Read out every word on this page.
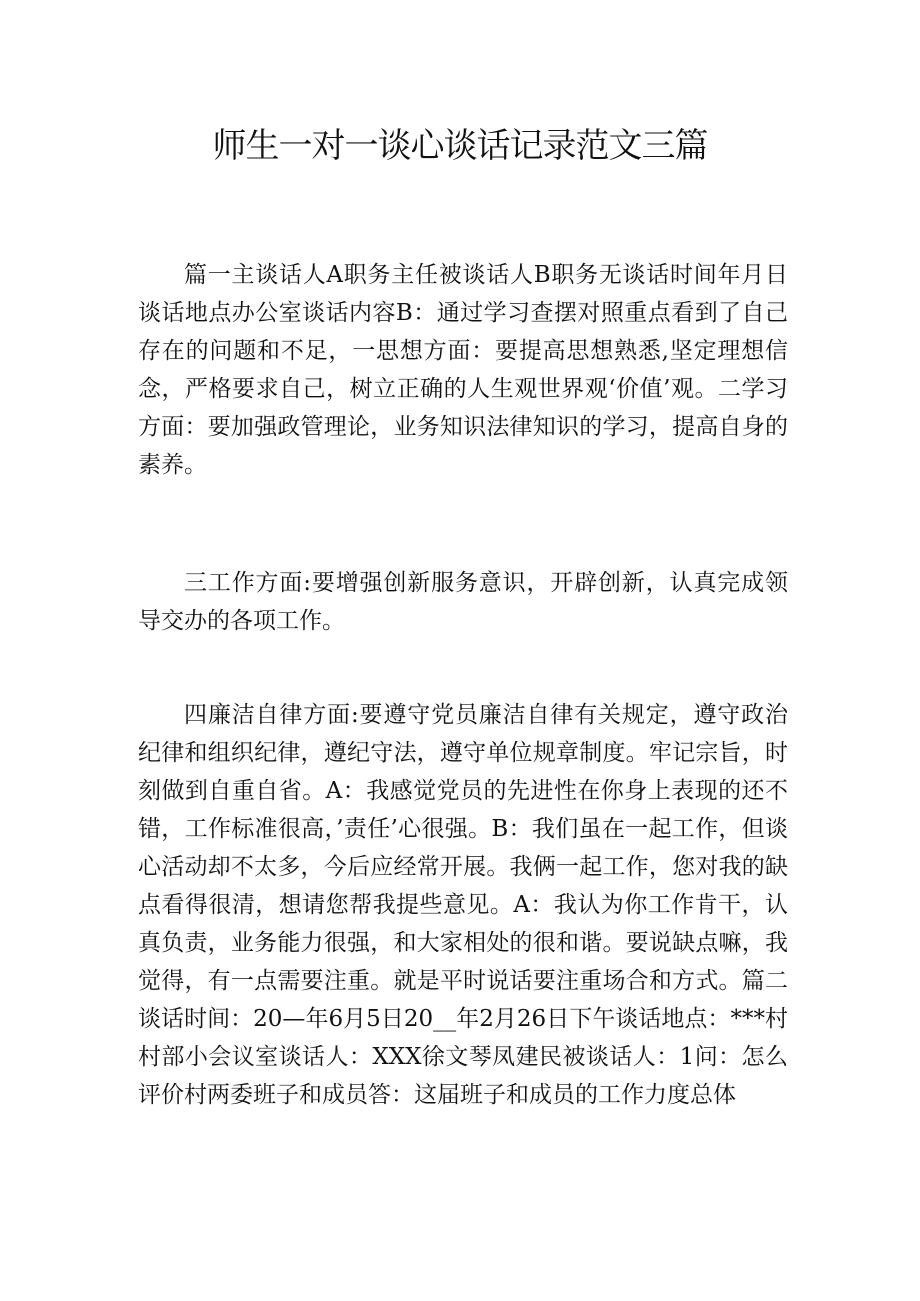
师生一对一谈心谈话记录范文三篇

篇一主谈话人A职务主任被谈话人B职务无谈话时间年月日谈话地点办公室谈话内容B：通过学习查摆对照重点看到了自己存在的问题和不足，一思想方面：要提高思想熟悉,坚定理想信念，严格要求自己，树立正确的人生观世界观‘价值’观。二学习方面：要加强政管理论，业务知识法律知识的学习，提高自身的素养。

三工作方面:要增强创新服务意识，开辟创新，认真完成领导交办的各项工作。

四廉洁自律方面:要遵守党员廉洁自律有关规定，遵守政治纪律和组织纪律，遵纪守法，遵守单位规章制度。牢记宗旨，时刻做到自重自省。A：我感觉党员的先进性在你身上表现的还不错，工作标准很高，’责任’心很强。B：我们虽在一起工作，但谈心活动却不太多，今后应经常开展。我俩一起工作，您对我的缺点看得很清，想请您帮我提些意见。A：我认为你工作肯干，认真负责，业务能力很强，和大家相处的很和谐。要说缺点嘛，我觉得，有一点需要注重。就是平时说话要注重场合和方式。篇二谈话时间：20—年6月5日20__年2月26日下午谈话地点：***村村部小会议室谈话人：XXX徐文琴凤建民被谈话人：1问：怎么评价村两委班子和成员答：这届班子和成员的工作力度总体
